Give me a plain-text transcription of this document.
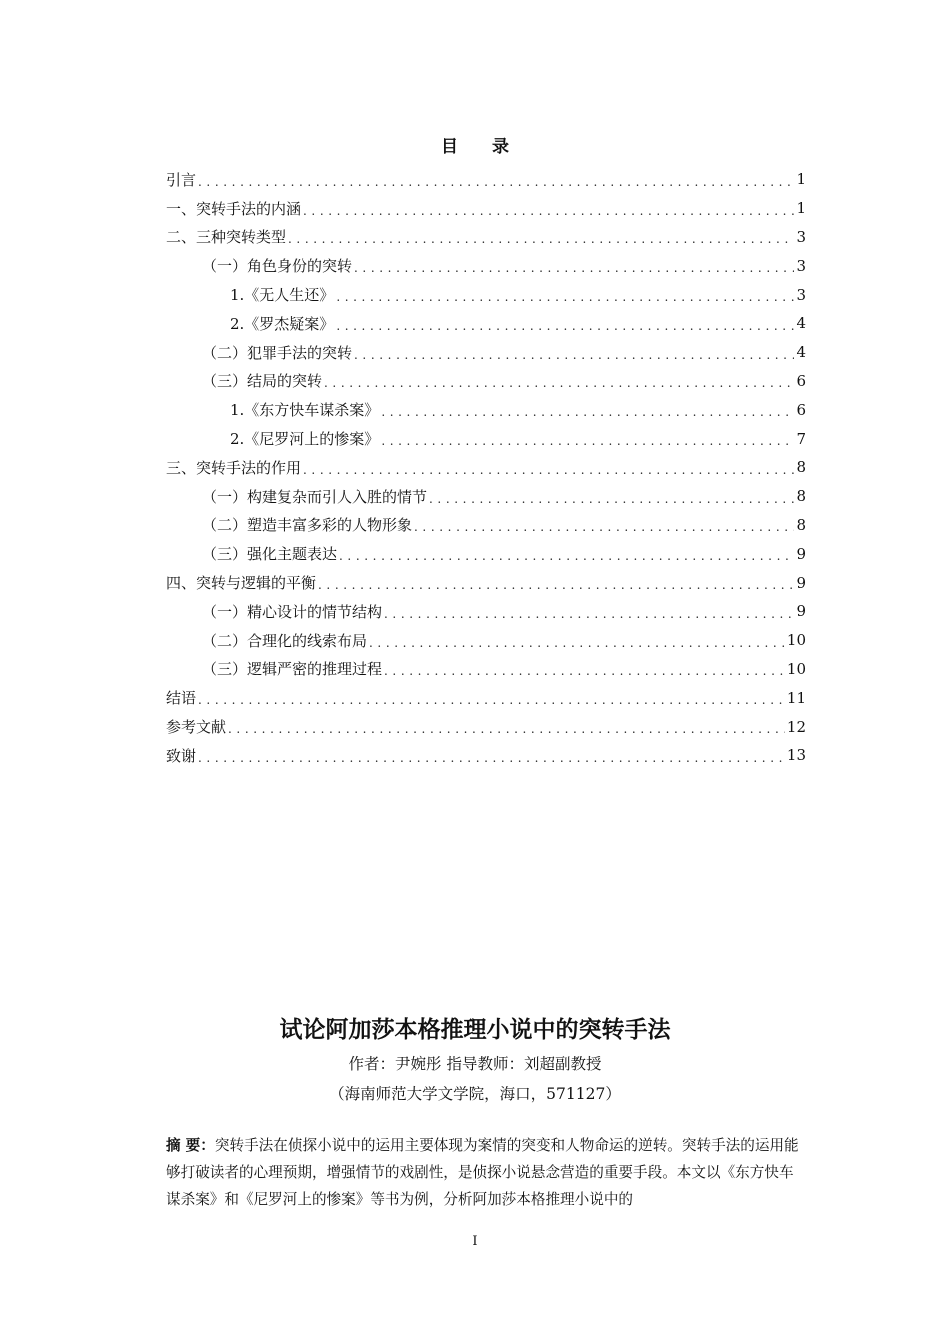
目 录
引言 .....	1
一、突转手法的内涵 .....	1
二、三种突转类型 .....	3
（一）角色身份的突转 .....	3
1.《无人生还》 .....	3
2.《罗杰疑案》 .....	4
（二）犯罪手法的突转 .....	4
（三）结局的突转 .....	6
1.《东方快车谋杀案》 .....	6
2.《尼罗河上的惨案》 .....	7
三、突转手法的作用 .....	8
（一）构建复杂而引人入胜的情节 .....	8
（二）塑造丰富多彩的人物形象 .....	8
（三）强化主题表达 .....	9
四、突转与逻辑的平衡 .....	9
（一）精心设计的情节结构 .....	9
（二）合理化的线索布局 .....	10
（三）逻辑严密的推理过程 .....	10
结语 .....	11
参考文献 .....	12
致谢 .....	13
试论阿加莎本格推理小说中的突转手法
作者：尹婉彤 指导教师：刘超副教授
（海南师范大学文学院，海口，571127）
摘 要：突转手法在侦探小说中的运用主要体现为案情的突变和人物命运的逆转。突转手法的运用能够打破读者的心理预期，增强情节的戏剧性，是侦探小说悬念营造的重要手段。本文以《东方快车谋杀案》和《尼罗河上的惨案》等书为例，分析阿加莎本格推理小说中的
I
